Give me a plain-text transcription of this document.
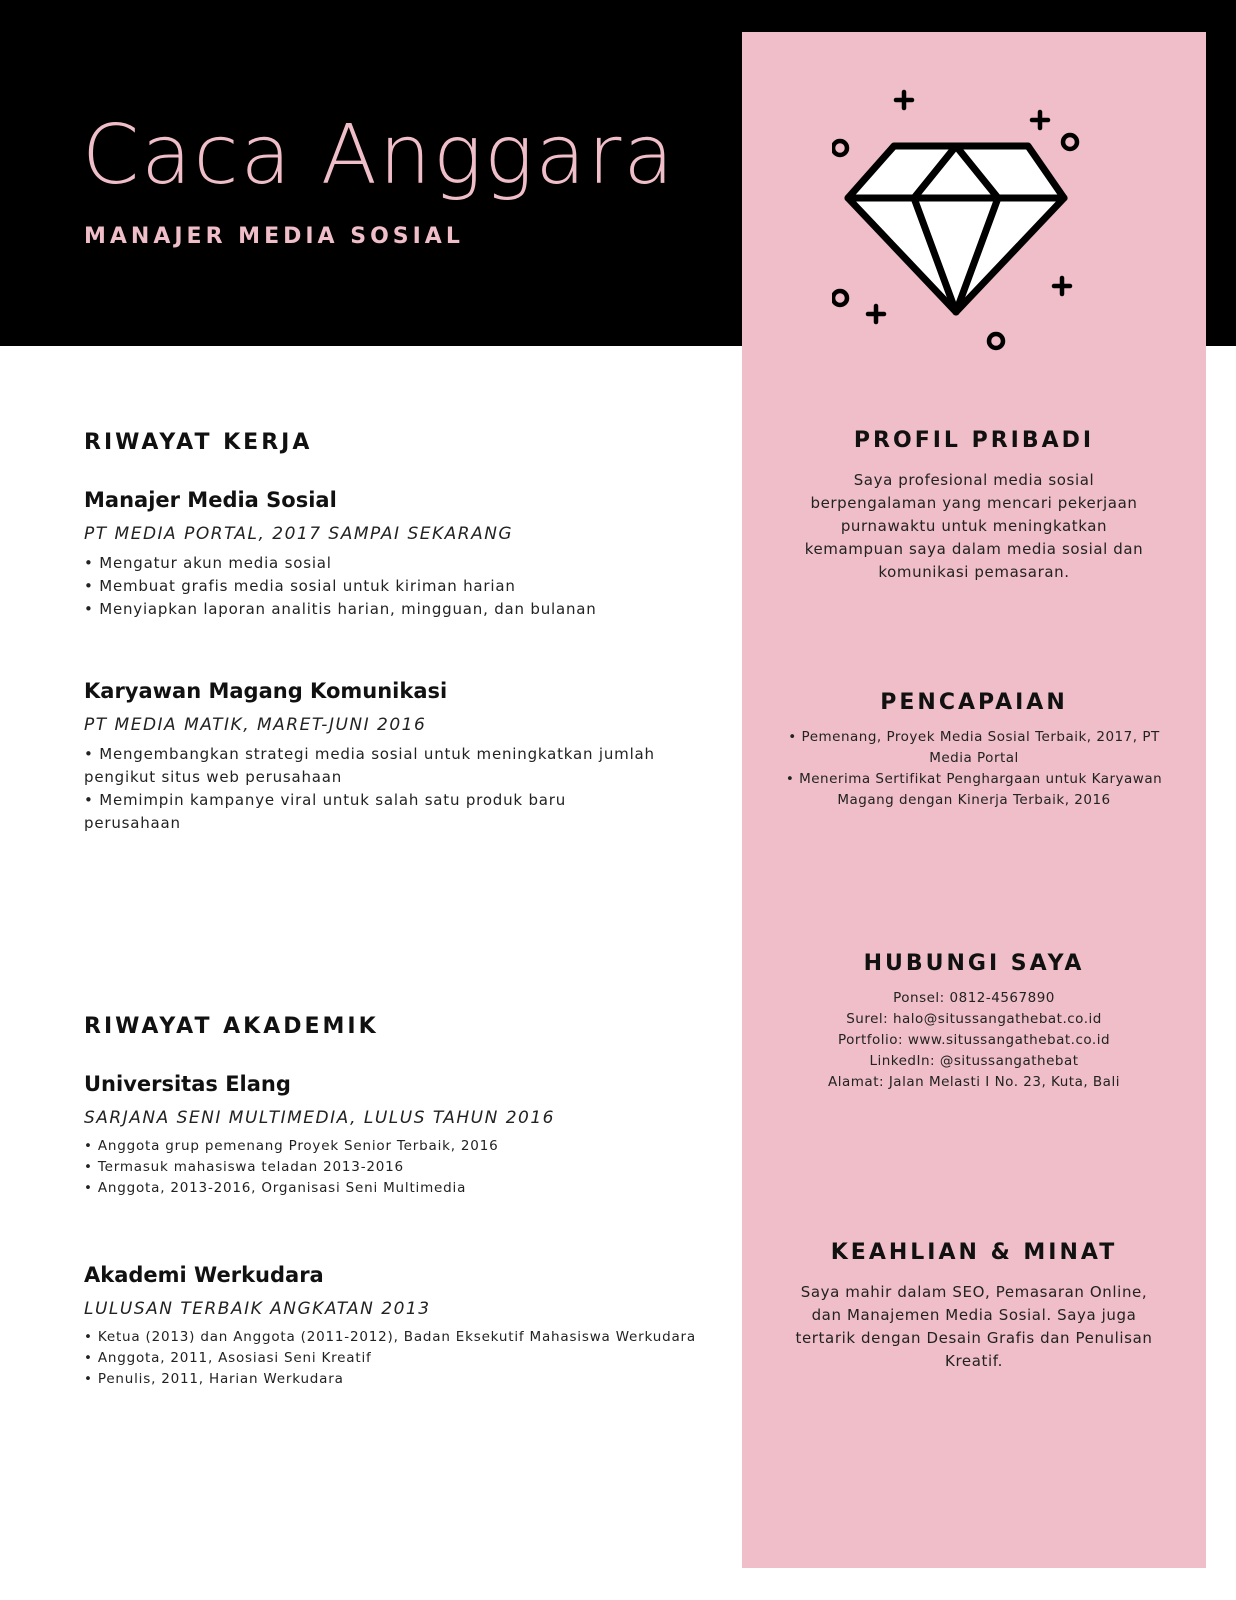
Caca Anggara
MANAJER MEDIA SOSIAL
RIWAYAT KERJA
Manajer Media Sosial
PT MEDIA PORTAL, 2017 SAMPAI SEKARANG
• Mengatur akun media sosial
• Membuat grafis media sosial untuk kiriman harian
• Menyiapkan laporan analitis harian, mingguan, dan bulanan
Karyawan Magang Komunikasi
PT MEDIA MATIK, MARET-JUNI 2016
• Mengembangkan strategi media sosial untuk meningkatkan jumlah pengikut situs web perusahaan
• Memimpin kampanye viral untuk salah satu produk baru perusahaan
RIWAYAT AKADEMIK
Universitas Elang
SARJANA SENI MULTIMEDIA, LULUS TAHUN 2016
• Anggota grup pemenang Proyek Senior Terbaik, 2016
• Termasuk mahasiswa teladan 2013-2016
• Anggota, 2013-2016, Organisasi Seni Multimedia
Akademi Werkudara
LULUSAN TERBAIK ANGKATAN 2013
• Ketua (2013) dan Anggota (2011-2012), Badan Eksekutif Mahasiswa Werkudara
• Anggota, 2011, Asosiasi Seni Kreatif
• Penulis, 2011, Harian Werkudara
PROFIL PRIBADI

Saya profesional media sosial berpengalaman yang mencari pekerjaan purnawaktu untuk meningkatkan kemampuan saya dalam media sosial dan komunikasi pemasaran.

PENCAPAIAN
• Pemenang, Proyek Media Sosial Terbaik, 2017, PT Media Portal
• Menerima Sertifikat Penghargaan untuk Karyawan Magang dengan Kinerja Terbaik, 2016
HUBUNGI SAYA
Ponsel: 0812-4567890
Surel: halo@situssangathebat.co.id
Portfolio: www.situssangathebat.co.id
LinkedIn: @situssangathebat
Alamat: Jalan Melasti I No. 23, Kuta, Bali
KEAHLIAN & MINAT

Saya mahir dalam SEO, Pemasaran Online, dan Manajemen Media Sosial. Saya juga tertarik dengan Desain Grafis dan Penulisan Kreatif.
